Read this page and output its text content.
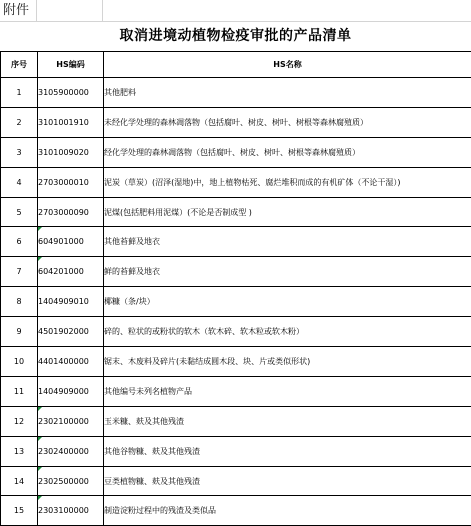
附件
取消进境动植物检疫审批的产品清单
序号	HS编码	HS名称
1	3105900000	其他肥料
2	3101001910	未经化学处理的森林凋落物（包括腐叶、树皮、树叶、树根等森林腐殖质）
3	3101009020	经化学处理的森林凋落物（包括腐叶、树皮、树叶、树根等森林腐殖质）
4	2703000010	泥炭（草炭）(沼泽(湿地)中，地上植物枯死、腐烂堆积而成的有机矿体（不论干湿）)
5	2703000090	泥煤(包括肥料用泥煤）(不论是否制成型 )
6	604901000	其他苔藓及地衣
7	604201000	鲜的苔藓及地衣
8	1404909010	椰糠（条/块）
9	4501902000	碎的、粒状的或粉状的软木（软木碎、软木粒或软木粉）
10	4401400000	锯末、木废料及碎片(未黏结成圆木段、块、片或类似形状)
11	1404909000	其他编号未列名植物产品
12	2302100000	玉米糠、麸及其他残渣
13	2302400000	其他谷物糠、麸及其他残渣
14	2302500000	豆类植物糠、麸及其他残渣
15	2303100000	制造淀粉过程中的残渣及类似品
